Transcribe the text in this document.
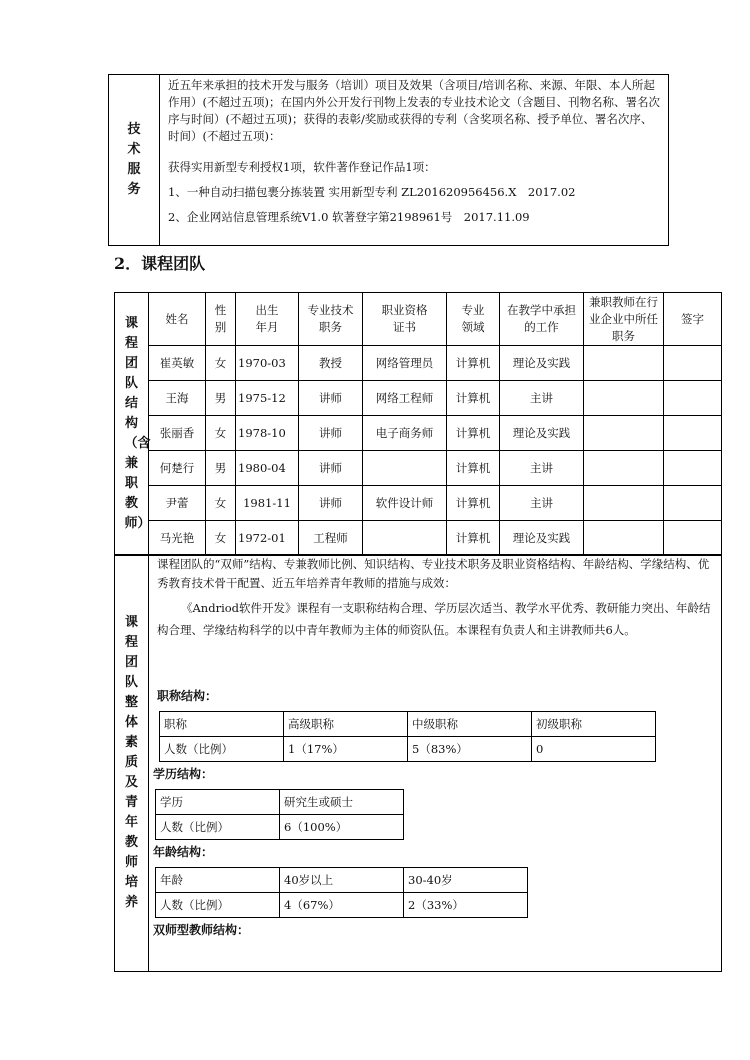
技术服务	
近五年来承担的技术开发与服务（培训）项目及效果（含项目/培训名称、来源、年限、本人所起作用）(不超过五项)；在国内外公开发行刊物上发表的专业技术论文（含题目、刊物名称、署名次序与时间）(不超过五项)；获得的表彰/奖励或获得的专利（含奖项名称、授予单位、署名次序、时间）(不超过五项)：
获得实用新型专利授权1项，软件著作登记作品1项：
1、一种自动扫描包裹分拣装置 实用新型专利 ZL201620956456.X　2017.02
2、企业网站信息管理系统V1.0 软著登字第2198961号　2017.11.09
2．课程团队
课程团队结构（含兼职教师）	姓名	性别	出生年月	专业技术职务	职业资格证书	专业领域	在教学中承担的工作	兼职教师在行业企业中所任职务	签字
	崔英敏	女	1970-03	教授	网络管理员	计算机	理论及实践		
	王海	男	1975-12	讲师	网络工程师	计算机	主讲		
	张丽香	女	1978-10	讲师	电子商务师	计算机	理论及实践		
	何楚行	男	1980-04	讲师		计算机	主讲		
	尹蕾	女	1981-11	讲师	软件设计师	计算机	主讲		
	马光艳	女	1972-01	工程师		计算机	理论及实践		
课程团队整体素质及青年教师培养	
课程团队的“双师”结构、专兼教师比例、知识结构、专业技术职务及职业资格结构、年龄结构、学缘结构、优秀教育技术骨干配置、近五年培养青年教师的措施与成效：
《Andriod软件开发》课程有一支职称结构合理、学历层次适当、教学水平优秀、教研能力突出、年龄结构合理、学缘结构科学的以中青年教师为主体的师资队伍。本课程有负责人和主讲教师共6人。
职称结构：
职称	高级职称	中级职称	初级职称
人数（比例）	1（17%）	5（83%）	0
学历结构：
学历	研究生或硕士
人数（比例）	6（100%）
年龄结构：
年龄	40岁以上	30-40岁
人数（比例）	4（67%）	2（33%）
双师型教师结构：
